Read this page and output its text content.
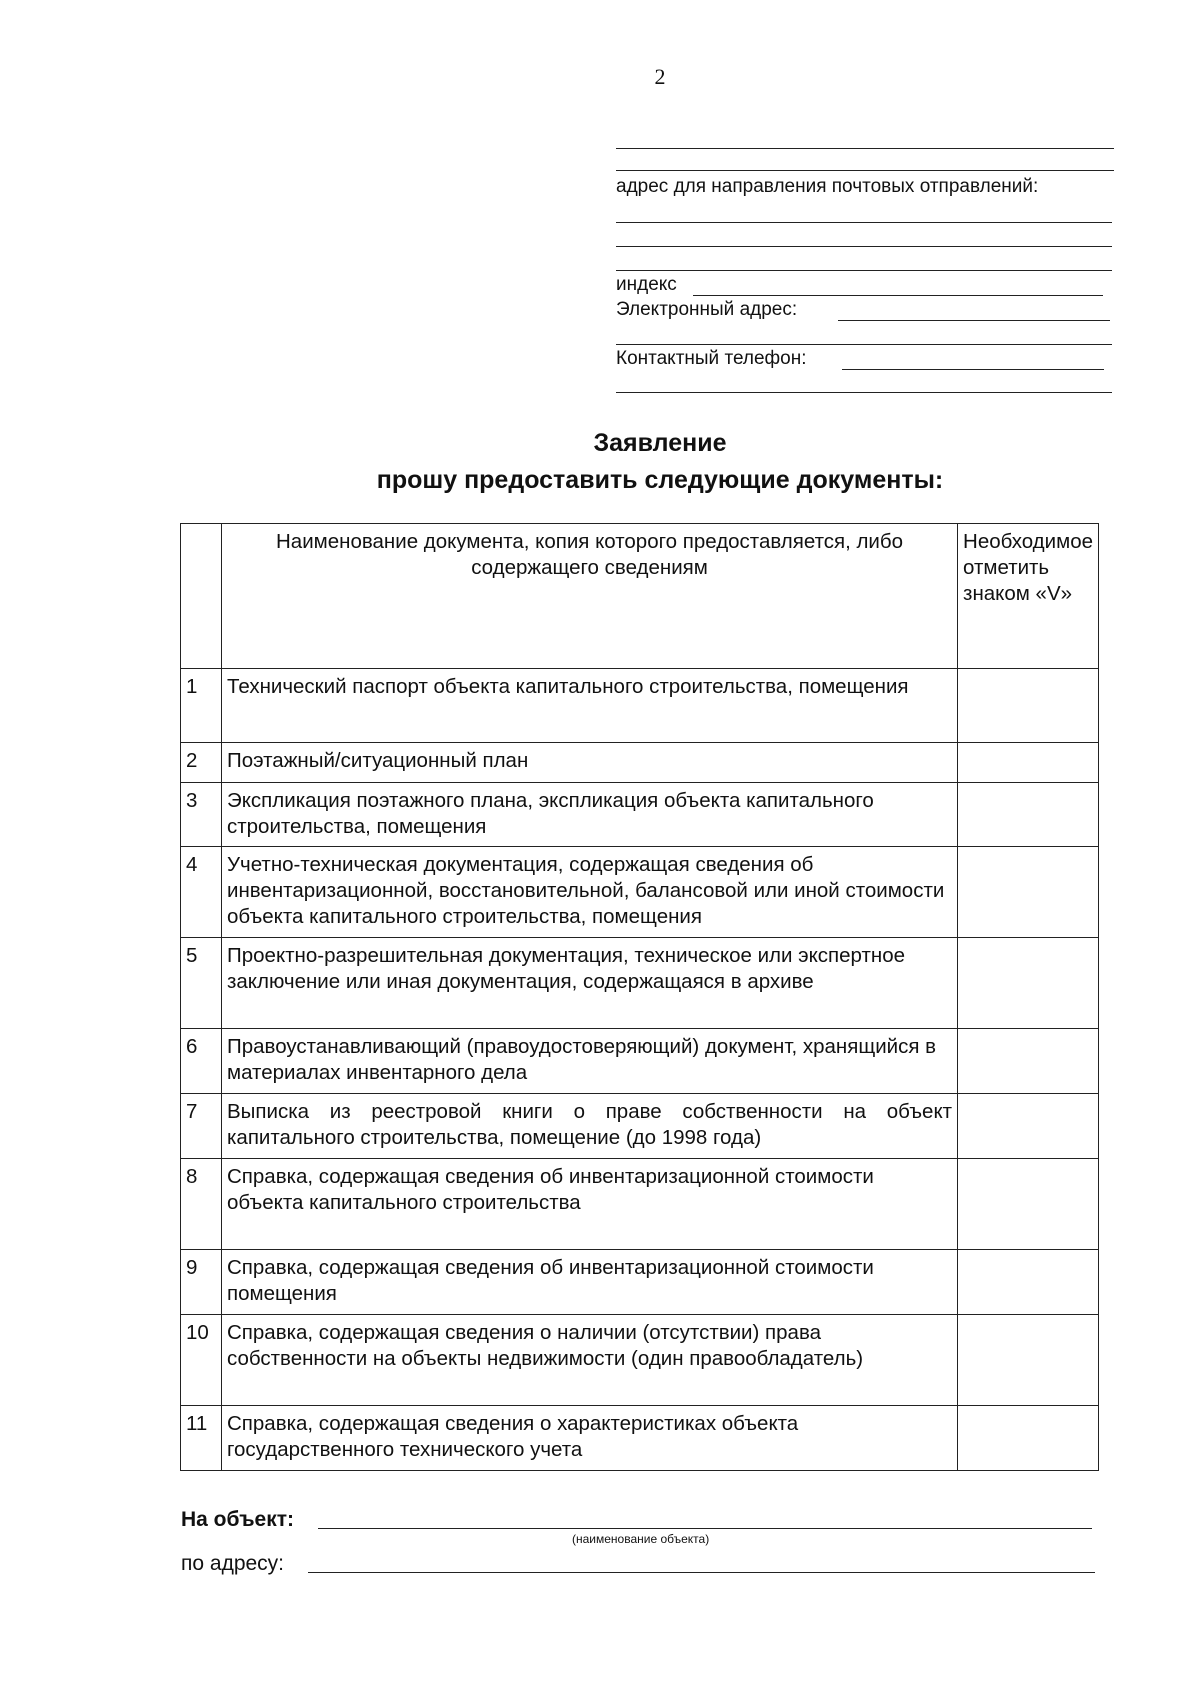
2
адрес для направления почтовых отправлений:
индекс
Электронный адрес:
Контактный телефон:
Заявление
прошу предоставить следующие документы:
	Наименование документа, копия которого предоставляется, либо содержащего сведениям	Необходимое отметить знаком «V»
1	Технический паспорт объекта капитального строительства, помещения	
2	Поэтажный/ситуационный план	
3	Экспликация поэтажного плана, экспликация объекта капитального строительства, помещения	
4	Учетно-техническая документация, содержащая сведения об инвентаризационной, восстановительной, балансовой или иной стоимости объекта капитального строительства, помещения	
5	Проектно-разрешительная документация, техническое или экспертное заключение или иная документация, содержащаяся в архиве	
6	Правоустанавливающий (правоудостоверяющий) документ, хранящийся в материалах инвентарного дела	
7	Выписка из реестровой книги о праве собственности на объект капитального строительства, помещение (до 1998 года)	
8	Справка, содержащая сведения об инвентаризационной стоимости объекта капитального строительства	
9	Справка, содержащая сведения об инвентаризационной стоимости помещения	
10	Справка, содержащая сведения о наличии (отсутствии) права собственности на объекты недвижимости (один правообладатель)	
11	Справка, содержащая сведения о характеристиках объекта государственного технического учета	
На объект:
(наименование объекта)
по адресу:
